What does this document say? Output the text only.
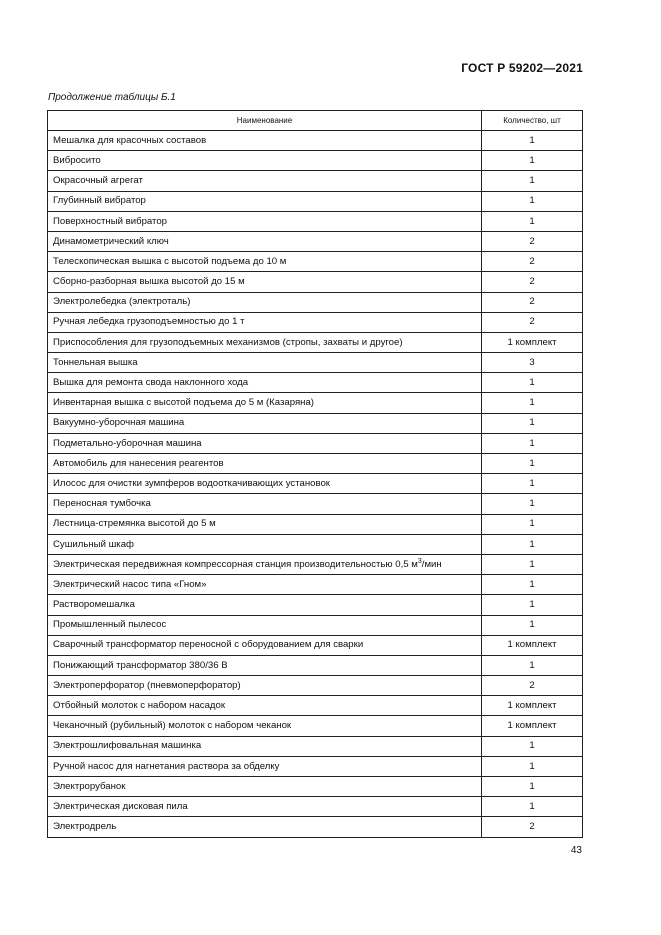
ГОСТ Р 59202—2021
Продолжение таблицы Б.1
Наименование	Количество, шт
Мешалка для красочных составов	1
Вибросито	1
Окрасочный агрегат	1
Глубинный вибратор	1
Поверхностный вибратор	1
Динамометрический ключ	2
Телескопическая вышка с высотой подъема до 10 м	2
Сборно-разборная вышка высотой до 15 м	2
Электролебедка (электроталь)	2
Ручная лебедка грузоподъемностью до 1 т	2
Приспособления для грузоподъемных механизмов (стропы, захваты и другое)	1 комплект
Тоннельная вышка	3
Вышка для ремонта свода наклонного хода	1
Инвентарная вышка с высотой подъема до 5 м (Казаряна)	1
Вакуумно-уборочная машина	1
Подметально-уборочная машина	1
Автомобиль для нанесения реагентов	1
Илосос для очистки зумпферов водооткачивающих установок	1
Переносная тумбочка	1
Лестница-стремянка высотой до 5 м	1
Сушильный шкаф	1
Электрическая передвижная компрессорная станция производительностью 0,5 $м^3$/мин	1
Электрический насос типа «Гном»	1
Растворомешалка	1
Промышленный пылесос	1
Сварочный трансформатор переносной с оборудованием для сварки	1 комплект
Понижающий трансформатор 380/36 В	1
Электроперфоратор (пневмоперфоратор)	2
Отбойный молоток с набором насадок	1 комплект
Чеканочный (рубильный) молоток с набором чеканок	1 комплект
Электрошлифовальная машинка	1
Ручной насос для нагнетания раствора за обделку	1
Электрорубанок	1
Электрическая дисковая пила	1
Электродрель	2
43
